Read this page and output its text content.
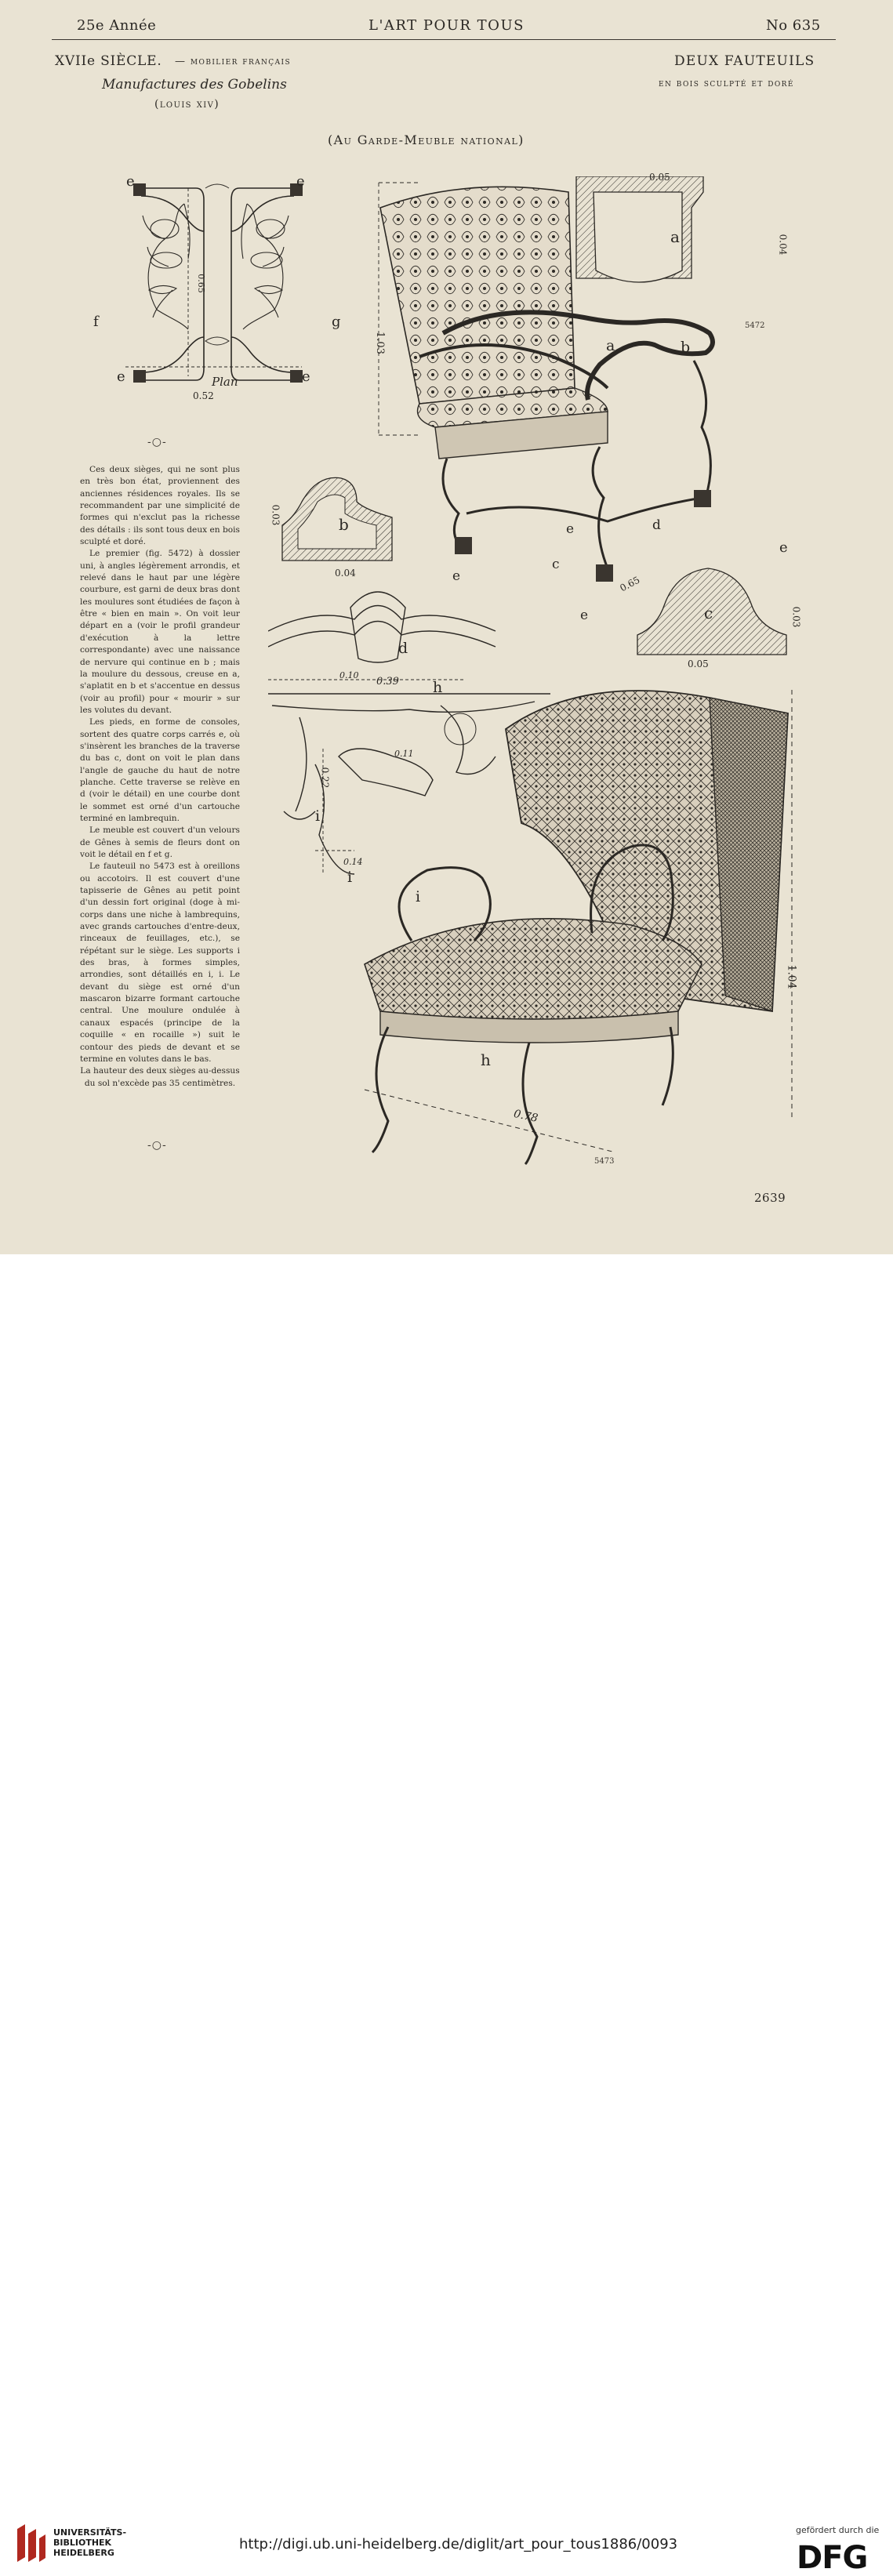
25e Année	L'ART POUR TOUS	No 635
XVIIe SIÈCLE. — mobilier français
Manufactures des Gobelins
(louis xiv)
DEUX FAUTEUILS
en bois sculpté et doré
(Au Garde-Meuble national)
e	e
e	e
f	g
Plan
0.52
0.65
-○-

Ces deux sièges, qui ne sont plus en très bon état, proviennent des anciennes résidences royales. Ils se recommandent par une simplicité de formes qui n'exclut pas la richesse des détails : ils sont tous deux en bois sculpté et doré.

Le premier (fig. 5472) à dossier uni, à angles légèrement arrondis, et relevé dans le haut par une légère courbure, est garni de deux bras dont les moulures sont étudiées de façon à être « bien en main ». On voit leur départ en a (voir le profil grandeur d'exécution à la lettre correspondante) avec une naissance de nervure qui continue en b ; mais la moulure du dessous, creuse en a, s'aplatit en b et s'accentue en dessus (voir au profil) pour « mourir » sur les volutes du devant.

Les pieds, en forme de consoles, sortent des quatre corps carrés e, où s'insèrent les branches de la traverse du bas c, dont on voit le plan dans l'angle de gauche du haut de notre planche. Cette traverse se relève en d (voir le détail) en une courbe dont le sommet est orné d'un cartouche terminé en lambrequin.

Le meuble est couvert d'un velours de Gênes à semis de fleurs dont on voit le détail en f et g.

Le fauteuil no 5473 est à oreillons ou accotoirs. Il est couvert d'une tapisserie de Gênes au petit point d'un dessin fort original (doge à mi-corps dans une niche à lambrequins, avec grands cartouches d'entre-deux, rinceaux de feuillages, etc.), se répétant sur le siège. Les supports i des bras, à formes simples, arrondies, sont détaillés en i, i. Le devant du siège est orné d'un mascaron bizarre formant cartouche central. Une moulure ondulée à canaux espacés (principe de la coquille « en rocaille ») suit le contour des pieds de devant et se termine en volutes dans le bas.

La hauteur des deux sièges au-dessus du sol n'excède pas 35 centimètres.

-○-
a
0.05
0.04
a	b
c
d
e
e
e
e
1.03
0.65
5472
b
0.04
0.03
c
0.05
0.03
d
0.10
0.39 h
0.11
0.22
0.14
i
i
i
h
1.04
0.78
5473
2639
UNIVERSITÄTS-
BIBLIOTHEK
HEIDELBERG
http://digi.ub.uni-heidelberg.de/diglit/art_pour_tous1886/0093
gefördert durch die
DFG
